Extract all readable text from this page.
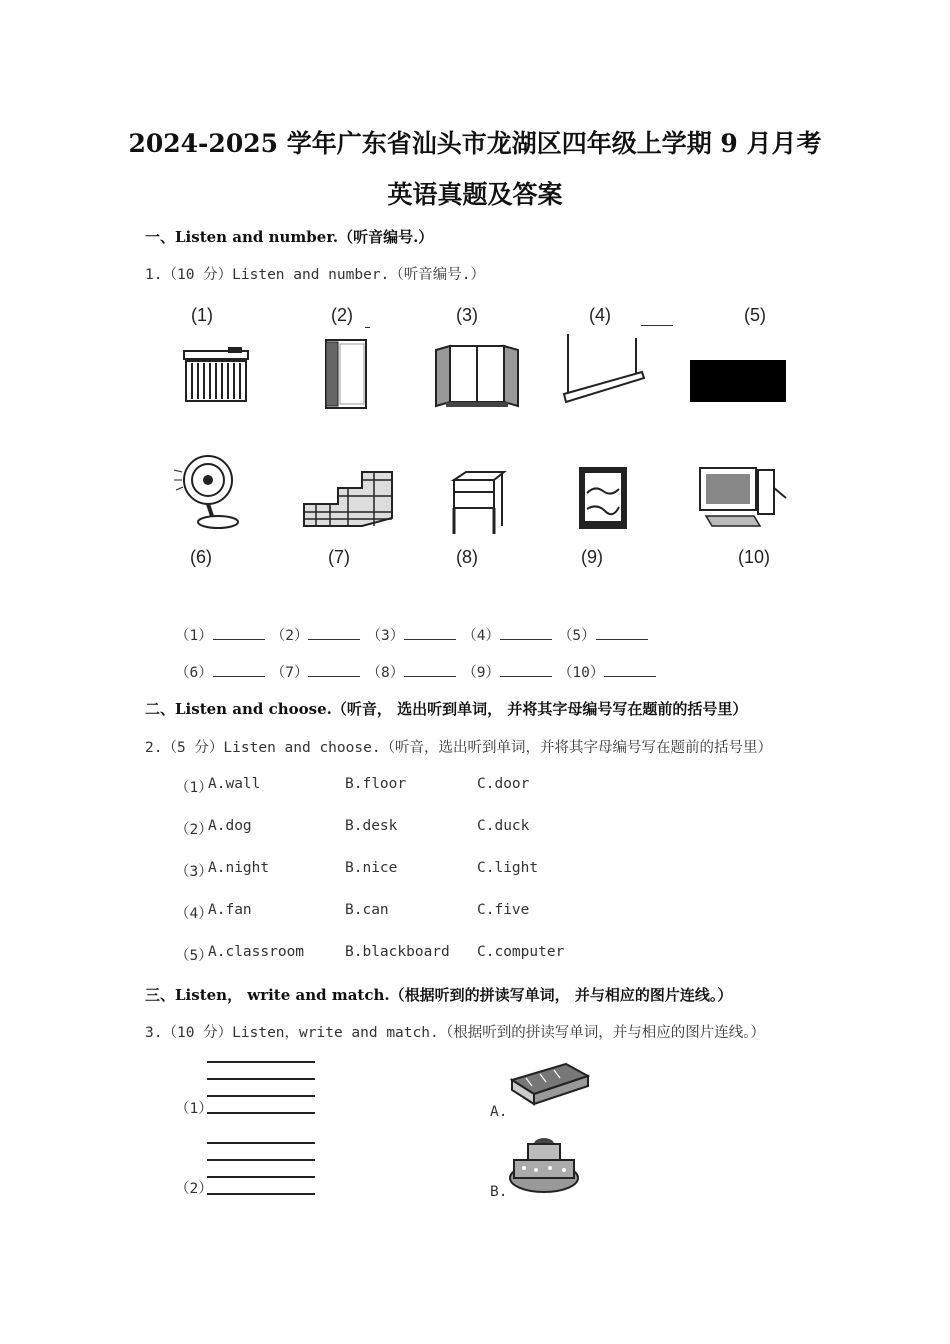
2024-2025 学年广东省汕头市龙湖区四年级上学期 9 月月考
英语真题及答案
一、Listen and number.（听音编号.）
1.（10 分）Listen and number.（听音编号.）
(1)	(2)	(3)	(4)	(5)
(6)	(7)	(8)	(9)	(10)
（1）	（2）	（3）	（4）	（5）
（6）	（7）	（8）	（9）	（10）
二、Listen and choose.（听音， 选出听到单词， 并将其字母编号写在题前的括号里）
2.（5 分）Listen and choose.（听音，选出听到单词，并将其字母编号写在题前的括号里）
（1）
A.wall	B.floor	C.door
（2）
A.dog	B.desk	C.duck
（3）
A.night	B.nice	C.light
（4）
A.fan	B.can	C.five
（5）
A.classroom	B.blackboard C.computer
三、Listen， write and match.（根据听到的拼读写单词， 并与相应的图片连线。）
3.（10 分）Listen，write and match.（根据听到的拼读写单词，并与相应的图片连线。）
（1）
（2）
A.
B.
